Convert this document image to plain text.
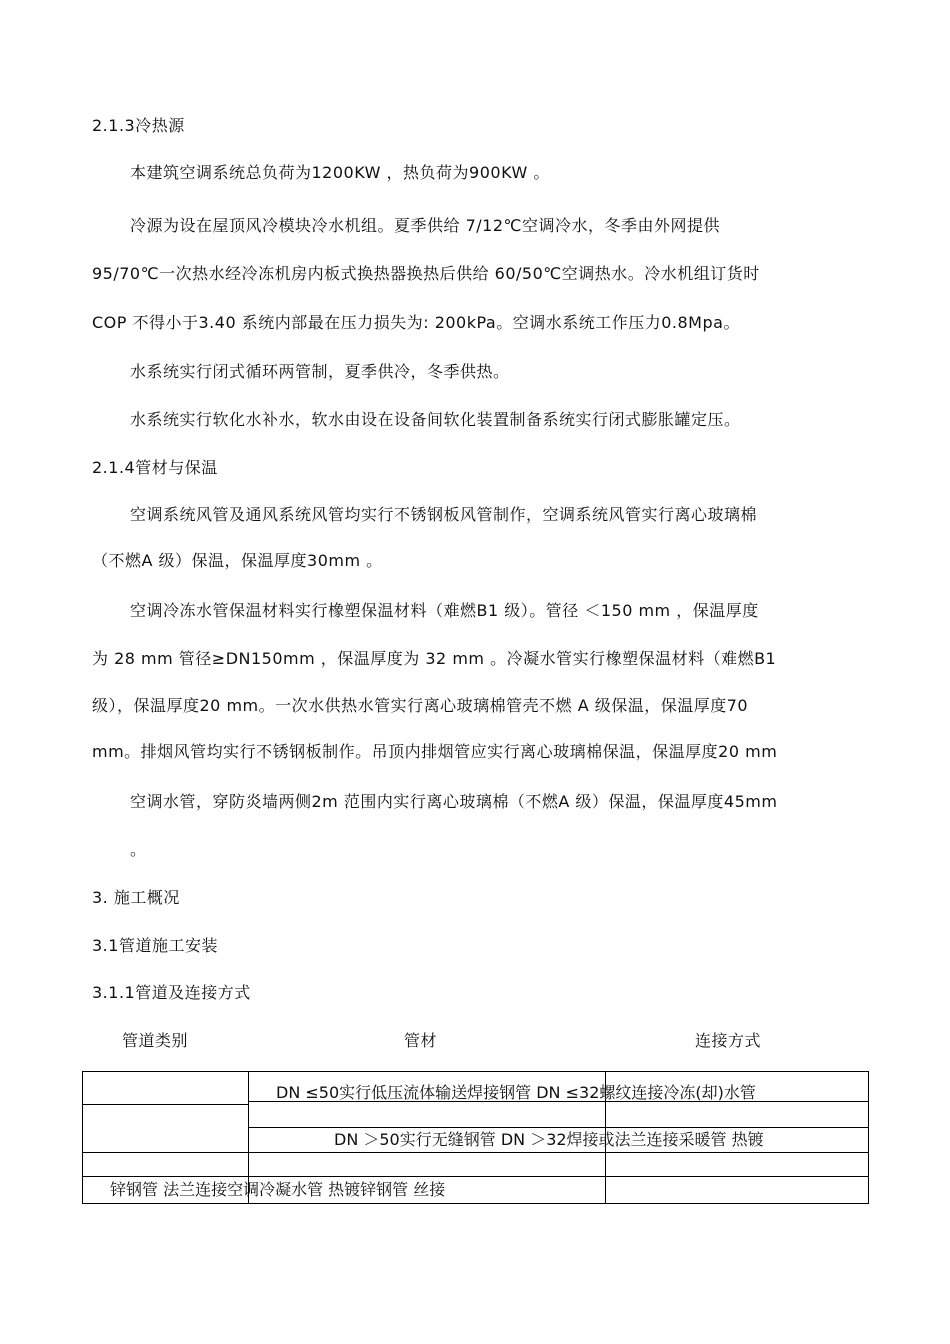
2.1.3冷热源
本建筑空调系统总负荷为1200KW ，热负荷为900KW 。
冷源为设在屋顶风冷模块冷水机组。夏季供给 7/12℃空调冷水，冬季由外网提供
95/70℃一次热水经冷冻机房内板式换热器换热后供给 60/50℃空调热水。冷水机组订货时
COP 不得小于3.40 系统内部最在压力损失为: 200kPa。空调水系统工作压力0.8Mpa。
水系统实行闭式循环两管制，夏季供冷，冬季供热。
水系统实行软化水补水，软水由设在设备间软化装置制备系统实行闭式膨胀罐定压。
2.1.4管材与保温
空调系统风管及通风系统风管均实行不锈钢板风管制作，空调系统风管实行离心玻璃棉
（不燃A 级）保温，保温厚度30mm 。
空调冷冻水管保温材料实行橡塑保温材料（难燃B1 级）。管径 ＜150 mm ，保温厚度
为 28 mm 管径≥DN150mm ，保温厚度为 32 mm 。冷凝水管实行橡塑保温材料（难燃B1
级），保温厚度20 mm。一次水供热水管实行离心玻璃棉管壳不燃 A 级保温，保温厚度70
mm。排烟风管均实行不锈钢板制作。吊顶内排烟管应实行离心玻璃棉保温，保温厚度20 mm
空调水管，穿防炎墙两侧2m 范围内实行离心玻璃棉（不燃A 级）保温，保温厚度45mm
。
3. 施工概况
3.1管道施工安装
3.1.1管道及连接方式
管道类别	管材	连接方式
DN ≤50实行低压流体输送焊接钢管 DN ≤32螺纹连接冷冻(却)水管
DN ＞50实行无缝钢管 DN ＞32焊接或法兰连接采暖管 热镀
锌钢管 法兰连接空调冷凝水管 热镀锌钢管 丝接
